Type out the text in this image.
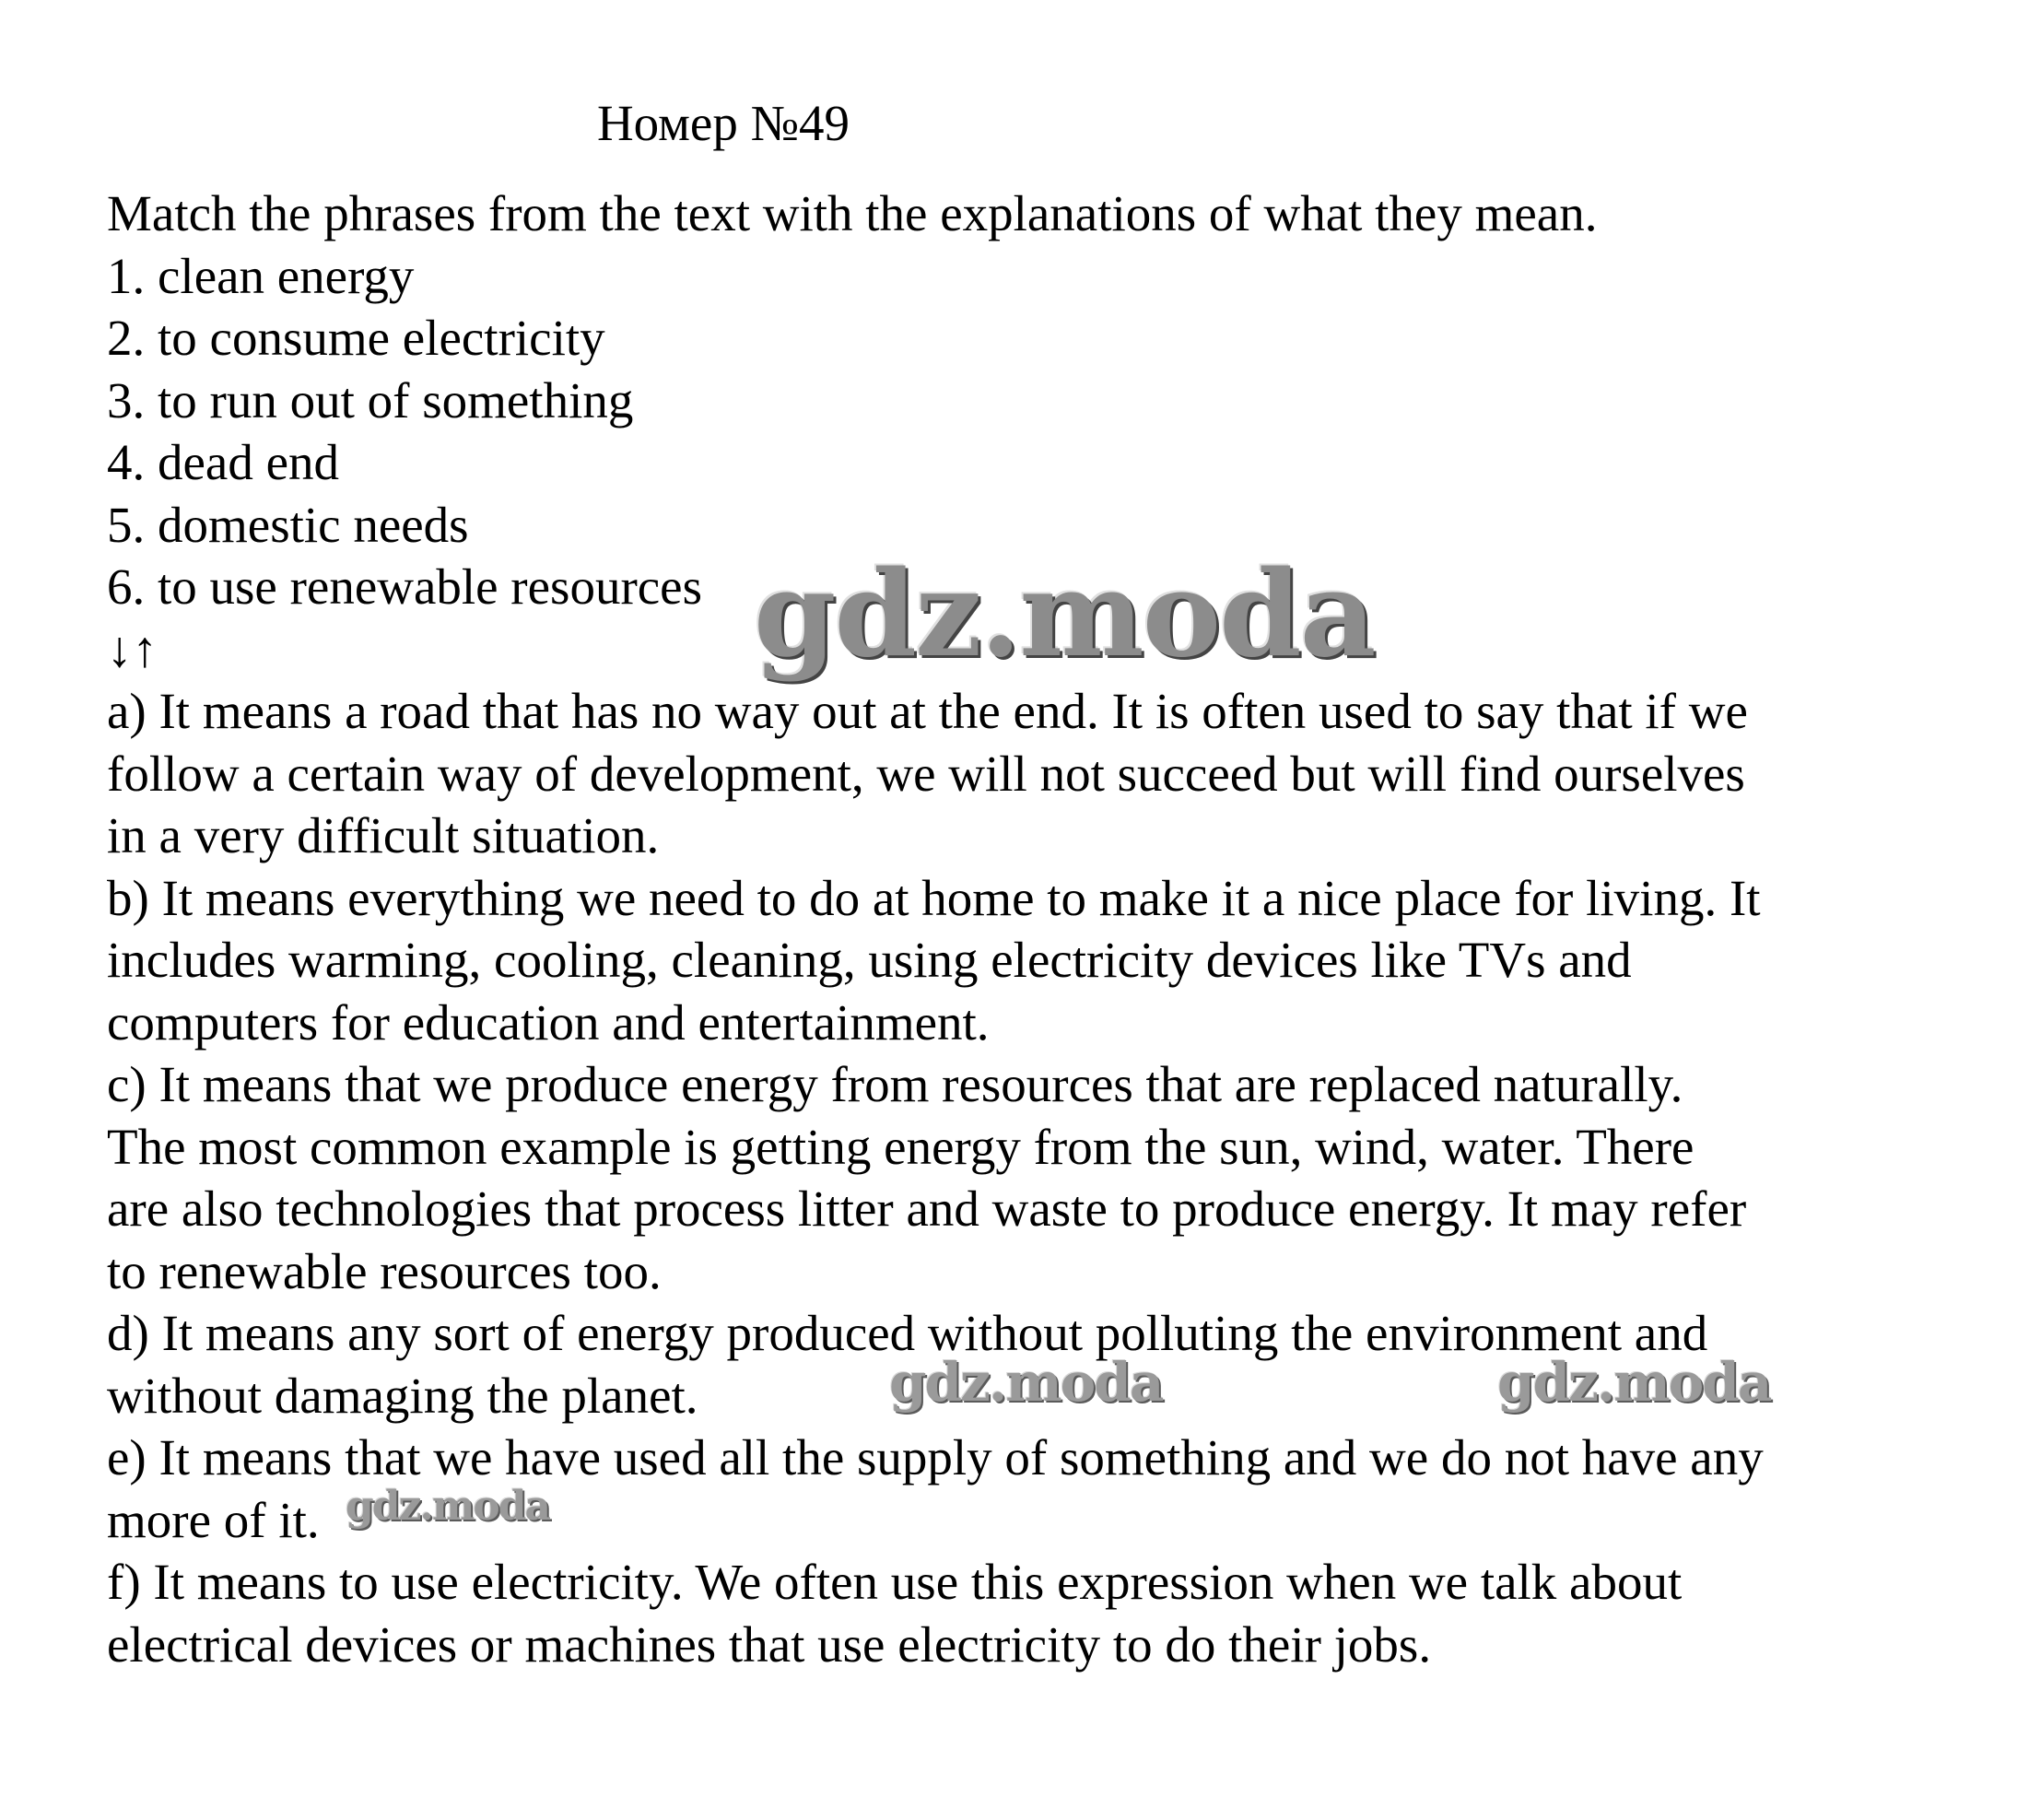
Номер №49
Match the phrases from the text with the explanations of what they mean.
1. clean energy
2. to consume electricity
3. to run out of something
4. dead end
5. domestic needs
6. to use renewable resources
↓↑
a) It means a road that has no way out at the end. It is often used to say that if we
follow a certain way of development, we will not succeed but will find ourselves
in a very difficult situation.
b) It means everything we need to do at home to make it a nice place for living. It
includes warming, cooling, cleaning, using electricity devices like TVs and
computers for education and entertainment.
c) It means that we produce energy from resources that are replaced naturally.
The most common example is getting energy from the sun, wind, water. There
are also technologies that process litter and waste to produce energy. It may refer
to renewable resources too.
d) It means any sort of energy produced without polluting the environment and
without damaging the planet.
e) It means that we have used all the supply of something and we do not have any
more of it.
f) It means to use electricity. We often use this expression when we talk about
electrical devices or machines that use electricity to do their jobs.
gdz.moda
gdz.moda	gdz.moda
gdz.moda
